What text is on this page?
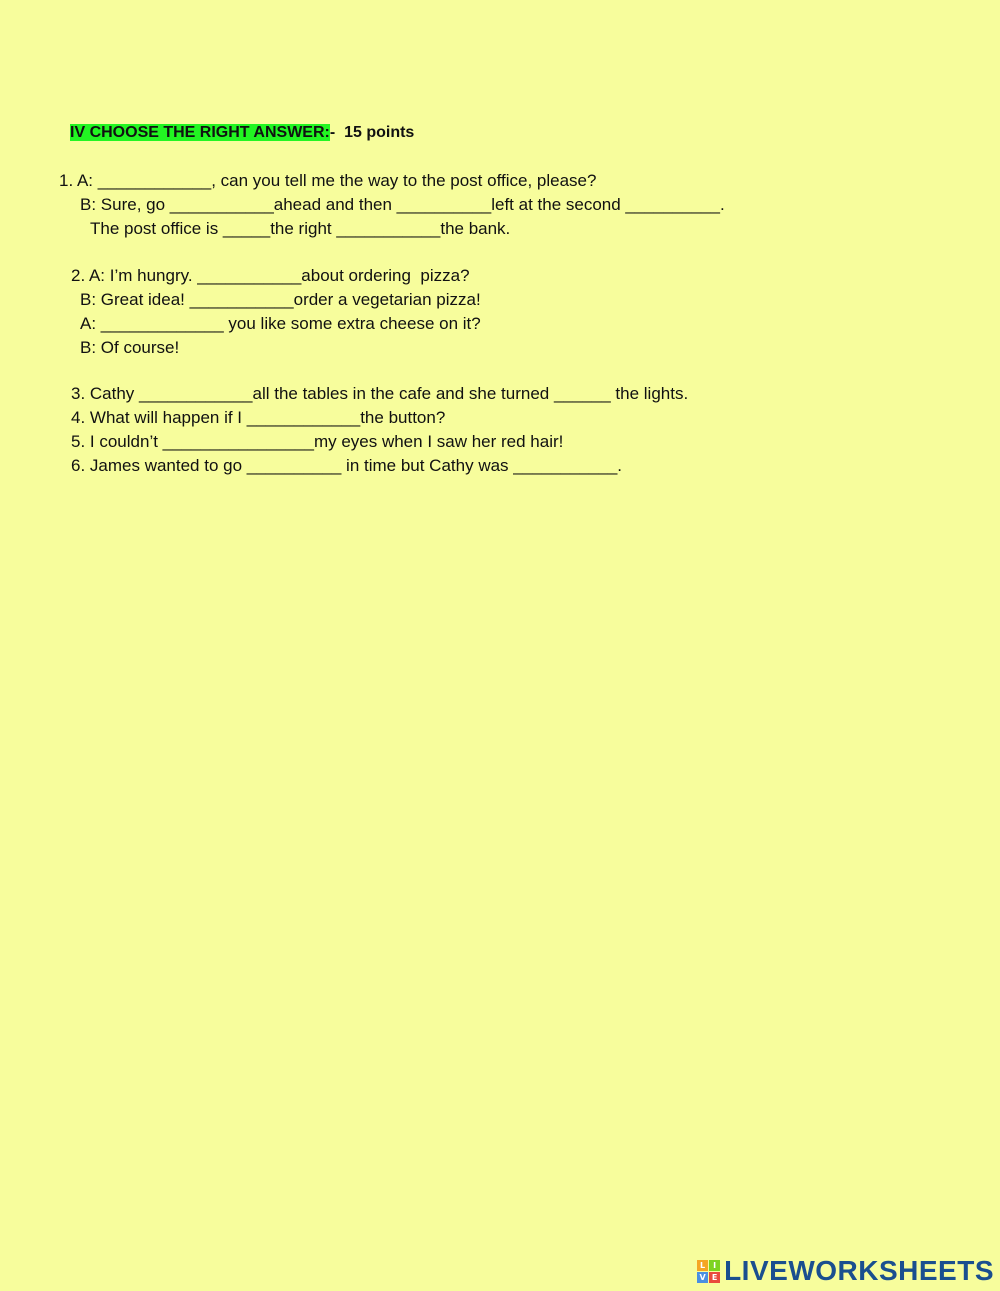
IV CHOOSE THE RIGHT ANSWER:-  15 points
1. A: ____________, can you tell me the way to the post office, please?
B: Sure, go ___________ahead and then __________left at the second __________.
The post office is _____the right ___________the bank.
2. A: I’m hungry. ___________about ordering  pizza?
B: Great idea! ___________order a vegetarian pizza!
A: _____________ you like some extra cheese on it?
B: Of course!
3. Cathy ____________all the tables in the cafe and she turned ______ the lights.
4. What will happen if I ____________the button?
5. I couldn’t ________________my eyes when I saw her red hair!
6. James wanted to go __________ in time but Cathy was ___________.
L I
V E LIVEWORKSHEETS
